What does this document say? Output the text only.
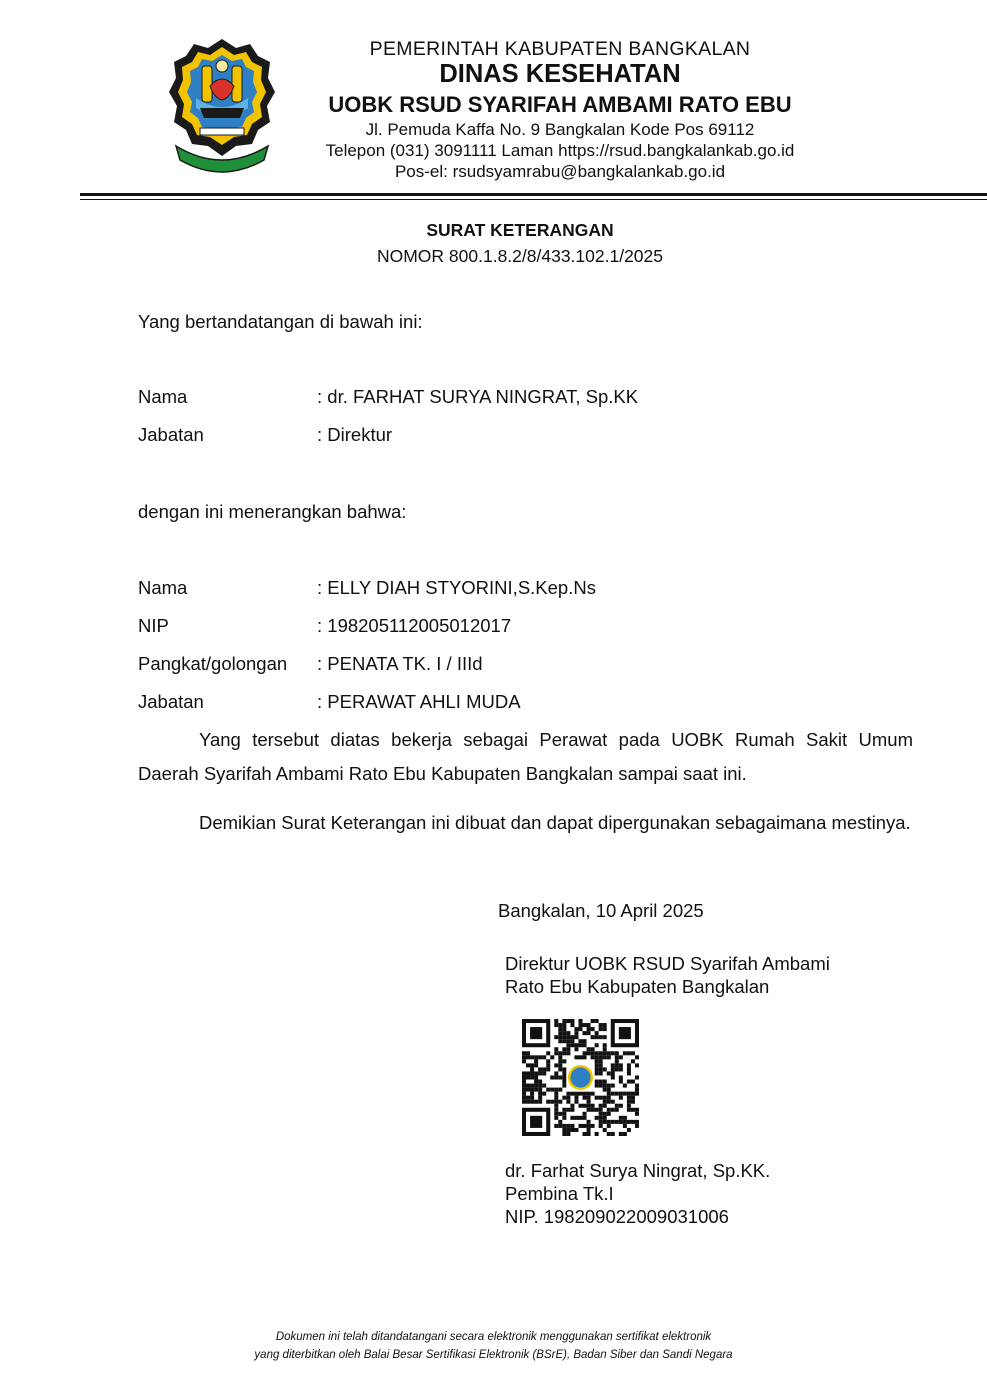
PEMERINTAH KABUPATEN BANGKALAN
DINAS KESEHATAN
UOBK RSUD SYARIFAH AMBAMI RATO EBU
Jl. Pemuda Kaffa No. 9 Bangkalan Kode Pos 69112
Telepon (031) 3091111 Laman https://rsud.bangkalankab.go.id
Pos-el: rsudsyamrabu@bangkalankab.go.id
SURAT KETERANGAN
NOMOR 800.1.8.2/8/433.102.1/2025
Yang bertandatangan di bawah ini:
Nama	: dr. FARHAT SURYA NINGRAT, Sp.KK
Jabatan	: Direktur
dengan ini menerangkan bahwa:
Nama	: ELLY DIAH STYORINI,S.Kep.Ns
NIP	: 198205112005012017
Pangkat/golongan : PENATA TK. I / IIId
Jabatan	: PERAWAT AHLI MUDA
Yang tersebut diatas bekerja sebagai Perawat pada UOBK Rumah Sakit Umum Daerah Syarifah Ambami Rato Ebu Kabupaten Bangkalan sampai saat ini.
Demikian Surat Keterangan ini dibuat dan dapat dipergunakan sebagaimana mestinya.
Bangkalan, 10 April 2025
Direktur UOBK RSUD Syarifah Ambami
Rato Ebu Kabupaten Bangkalan
dr. Farhat Surya Ningrat, Sp.KK.
Pembina Tk.I
NIP. 198209022009031006
Dokumen ini telah ditandatangani secara elektronik menggunakan sertifikat elektronik
yang diterbitkan oleh Balai Besar Sertifikasi Elektronik (BSrE), Badan Siber dan Sandi Negara
